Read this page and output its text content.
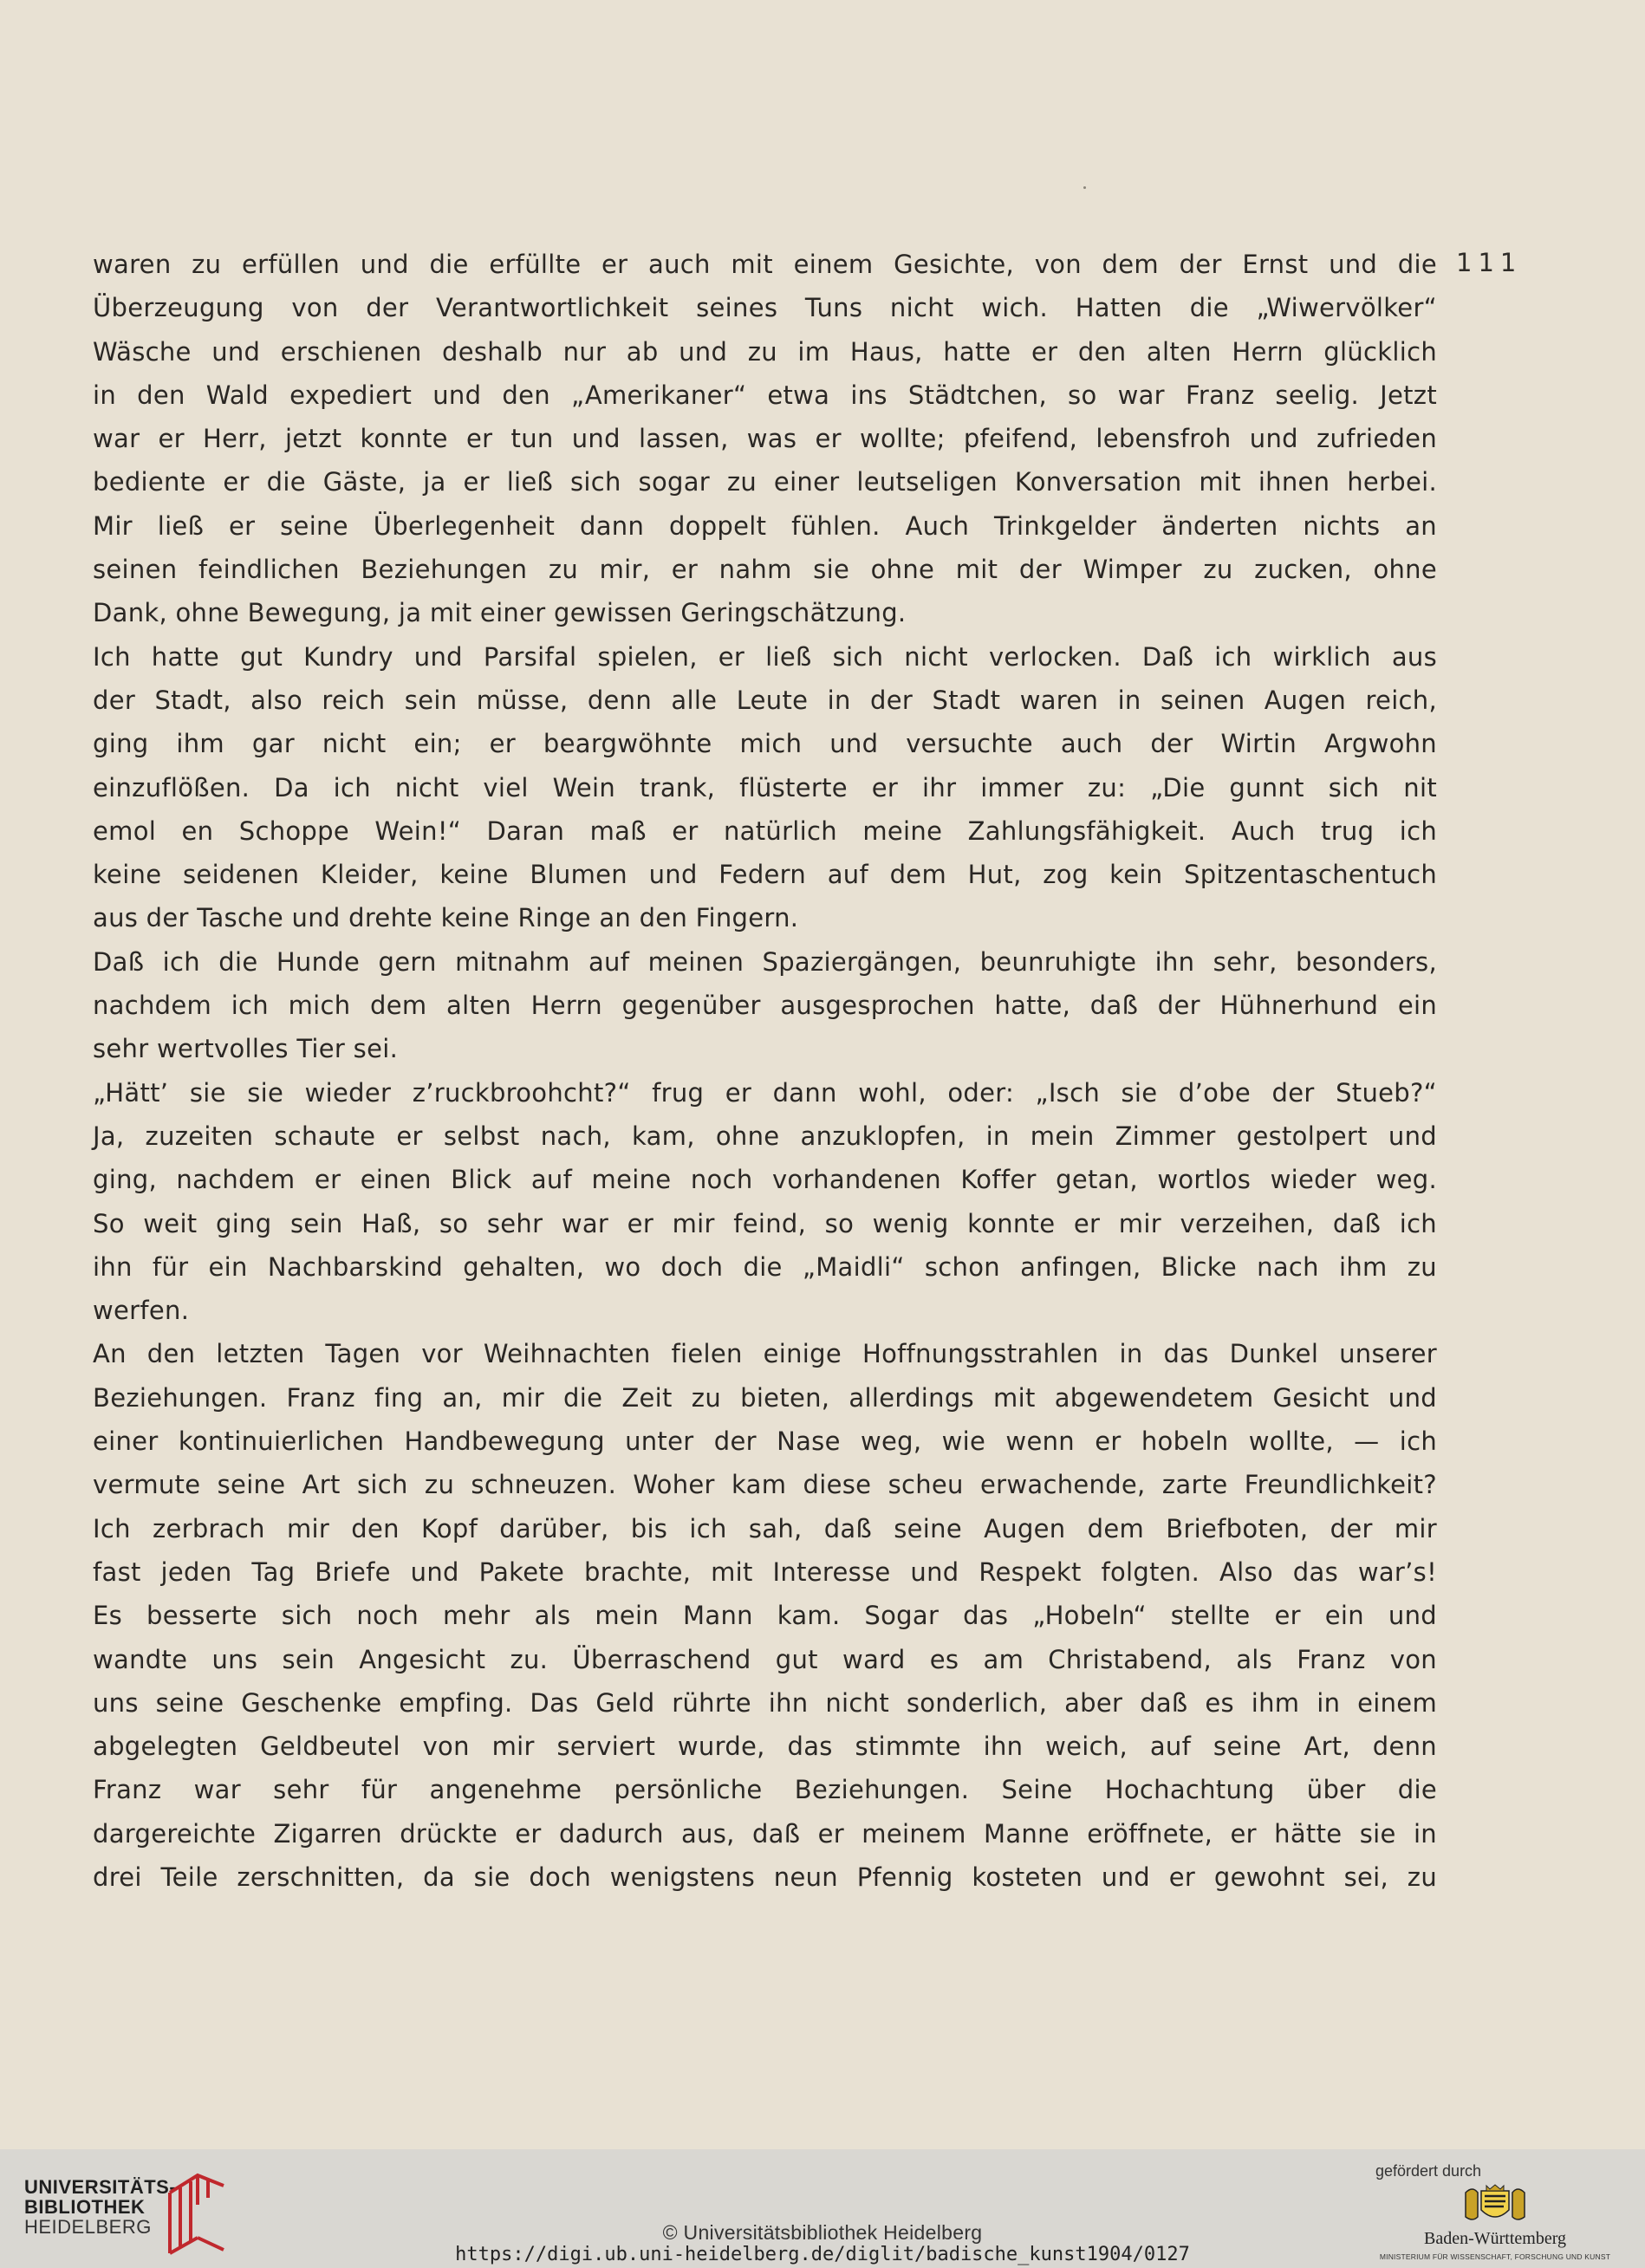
111
waren zu erfüllen und die erfüllte er auch mit einem Gesichte, von dem der Ernst und die
Überzeugung von der Verantwortlichkeit seines Tuns nicht wich. Hatten die „Wiwervölker“
Wäsche und erschienen deshalb nur ab und zu im Haus, hatte er den alten Herrn glücklich
in den Wald expediert und den „Amerikaner“ etwa ins Städtchen, so war Franz seelig. Jetzt
war er Herr, jetzt konnte er tun und lassen, was er wollte; pfeifend, lebensfroh und zufrieden
bediente er die Gäste, ja er ließ sich sogar zu einer leutseligen Konversation mit ihnen herbei.
Mir ließ er seine Überlegenheit dann doppelt fühlen. Auch Trinkgelder änderten nichts an
seinen feindlichen Beziehungen zu mir, er nahm sie ohne mit der Wimper zu zucken, ohne
Dank, ohne Bewegung, ja mit einer gewissen Geringschätzung.
Ich hatte gut Kundry und Parsifal spielen, er ließ sich nicht verlocken. Daß ich wirklich aus
der Stadt, also reich sein müsse, denn alle Leute in der Stadt waren in seinen Augen reich,
ging ihm gar nicht ein; er beargwöhnte mich und versuchte auch der Wirtin Argwohn
einzuflößen. Da ich nicht viel Wein trank, flüsterte er ihr immer zu: „Die gunnt sich nit
emol en Schoppe Wein!“ Daran maß er natürlich meine Zahlungsfähigkeit. Auch trug ich
keine seidenen Kleider, keine Blumen und Federn auf dem Hut, zog kein Spitzentaschentuch
aus der Tasche und drehte keine Ringe an den Fingern.
Daß ich die Hunde gern mitnahm auf meinen Spaziergängen, beunruhigte ihn sehr, besonders,
nachdem ich mich dem alten Herrn gegenüber ausgesprochen hatte, daß der Hühnerhund ein
sehr wertvolles Tier sei.
„Hätt’ sie sie wieder z’ruckbroohcht?“ frug er dann wohl, oder: „Isch sie d’obe der Stueb?“
Ja, zuzeiten schaute er selbst nach, kam, ohne anzuklopfen, in mein Zimmer gestolpert und
ging, nachdem er einen Blick auf meine noch vorhandenen Koffer getan, wortlos wieder weg.
So weit ging sein Haß, so sehr war er mir feind, so wenig konnte er mir verzeihen, daß ich
ihn für ein Nachbarskind gehalten, wo doch die „Maidli“ schon anfingen, Blicke nach ihm zu
werfen.
An den letzten Tagen vor Weihnachten fielen einige Hoffnungsstrahlen in das Dunkel unserer
Beziehungen. Franz fing an, mir die Zeit zu bieten, allerdings mit abgewendetem Gesicht und
einer kontinuierlichen Handbewegung unter der Nase weg, wie wenn er hobeln wollte, — ich
vermute seine Art sich zu schneuzen. Woher kam diese scheu erwachende, zarte Freundlichkeit?
Ich zerbrach mir den Kopf darüber, bis ich sah, daß seine Augen dem Briefboten, der mir
fast jeden Tag Briefe und Pakete brachte, mit Interesse und Respekt folgten. Also das war’s!
Es besserte sich noch mehr als mein Mann kam. Sogar das „Hobeln“ stellte er ein und
wandte uns sein Angesicht zu. Überraschend gut ward es am Christabend, als Franz von
uns seine Geschenke empfing. Das Geld rührte ihn nicht sonderlich, aber daß es ihm in einem
abgelegten Geldbeutel von mir serviert wurde, das stimmte ihn weich, auf seine Art, denn
Franz war sehr für angenehme persönliche Beziehungen. Seine Hochachtung über die
dargereichte Zigarren drückte er dadurch aus, daß er meinem Manne eröffnete, er hätte sie in
drei Teile zerschnitten, da sie doch wenigstens neun Pfennig kosteten und er gewohnt sei, zu
UNIVERSITÄTS-
BIBLIOTHEK
HEIDELBERG	© Universitätsbibliothek Heidelberg
https://digi.ub.uni-heidelberg.de/diglit/badische_kunst1904/0127
gefördert durch
Baden-Württemberg
MINISTERIUM FÜR WISSENSCHAFT, FORSCHUNG UND KUNST
